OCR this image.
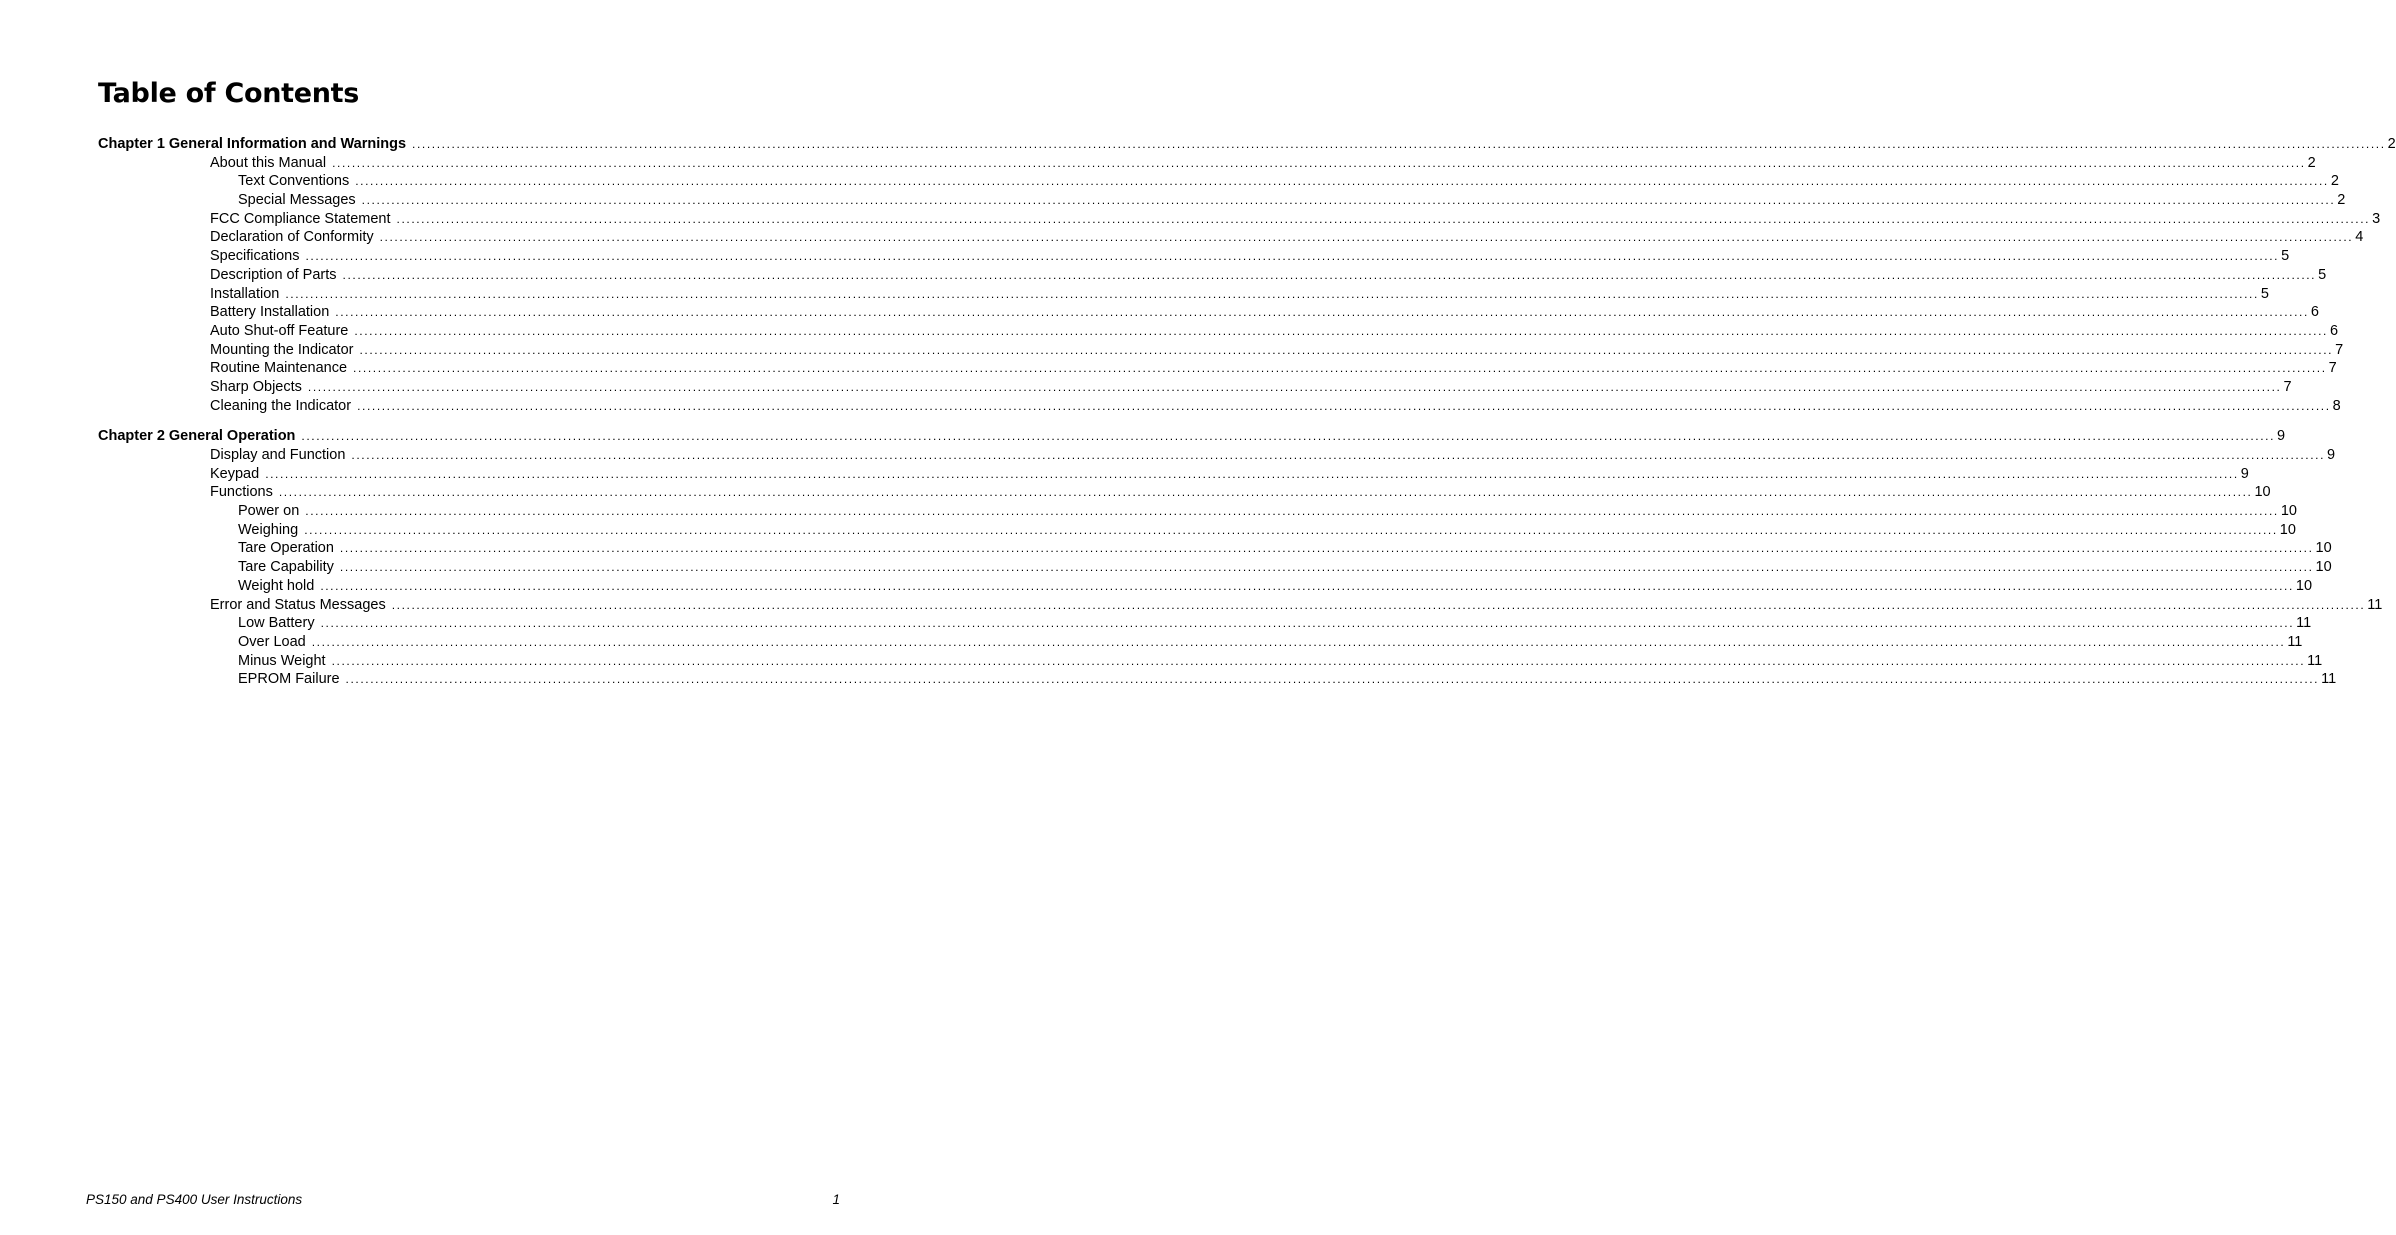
Table of Contents
Chapter 1 General Information and Warnings ................................................................................................................................................................................................................................................................................................................................................................................................................ 2
About this Manual ................................................................................................................................................................................................................................................................................................................................................................................................................ 2
Text Conventions ................................................................................................................................................................................................................................................................................................................................................................................................................ 2
Special Messages ................................................................................................................................................................................................................................................................................................................................................................................................................ 2
FCC Compliance Statement ................................................................................................................................................................................................................................................................................................................................................................................................................ 3
Declaration of Conformity ................................................................................................................................................................................................................................................................................................................................................................................................................ 4
Specifications ................................................................................................................................................................................................................................................................................................................................................................................................................ 5
Description of Parts ................................................................................................................................................................................................................................................................................................................................................................................................................ 5
Installation ................................................................................................................................................................................................................................................................................................................................................................................................................ 5
Battery Installation ................................................................................................................................................................................................................................................................................................................................................................................................................ 6
Auto Shut-off Feature ................................................................................................................................................................................................................................................................................................................................................................................................................ 6
Mounting the Indicator ................................................................................................................................................................................................................................................................................................................................................................................................................ 7
Routine Maintenance ................................................................................................................................................................................................................................................................................................................................................................................................................ 7
Sharp Objects ................................................................................................................................................................................................................................................................................................................................................................................................................ 7
Cleaning the Indicator ................................................................................................................................................................................................................................................................................................................................................................................................................ 8
Chapter 2 General Operation ................................................................................................................................................................................................................................................................................................................................................................................................................ 9
Display and Function ................................................................................................................................................................................................................................................................................................................................................................................................................ 9
Keypad ................................................................................................................................................................................................................................................................................................................................................................................................................ 9
Functions ................................................................................................................................................................................................................................................................................................................................................................................................................ 10
Power on ................................................................................................................................................................................................................................................................................................................................................................................................................ 10
Weighing ................................................................................................................................................................................................................................................................................................................................................................................................................ 10
Tare Operation ................................................................................................................................................................................................................................................................................................................................................................................................................ 10
Tare Capability ................................................................................................................................................................................................................................................................................................................................................................................................................ 10
Weight hold ................................................................................................................................................................................................................................................................................................................................................................................................................ 10
Error and Status Messages ................................................................................................................................................................................................................................................................................................................................................................................................................ 11
Low Battery ................................................................................................................................................................................................................................................................................................................................................................................................................ 11
Over Load ................................................................................................................................................................................................................................................................................................................................................................................................................ 11
Minus Weight ................................................................................................................................................................................................................................................................................................................................................................................................................ 11
EPROM Failure ................................................................................................................................................................................................................................................................................................................................................................................................................ 11
PS150 and PS400 User Instructions	1
